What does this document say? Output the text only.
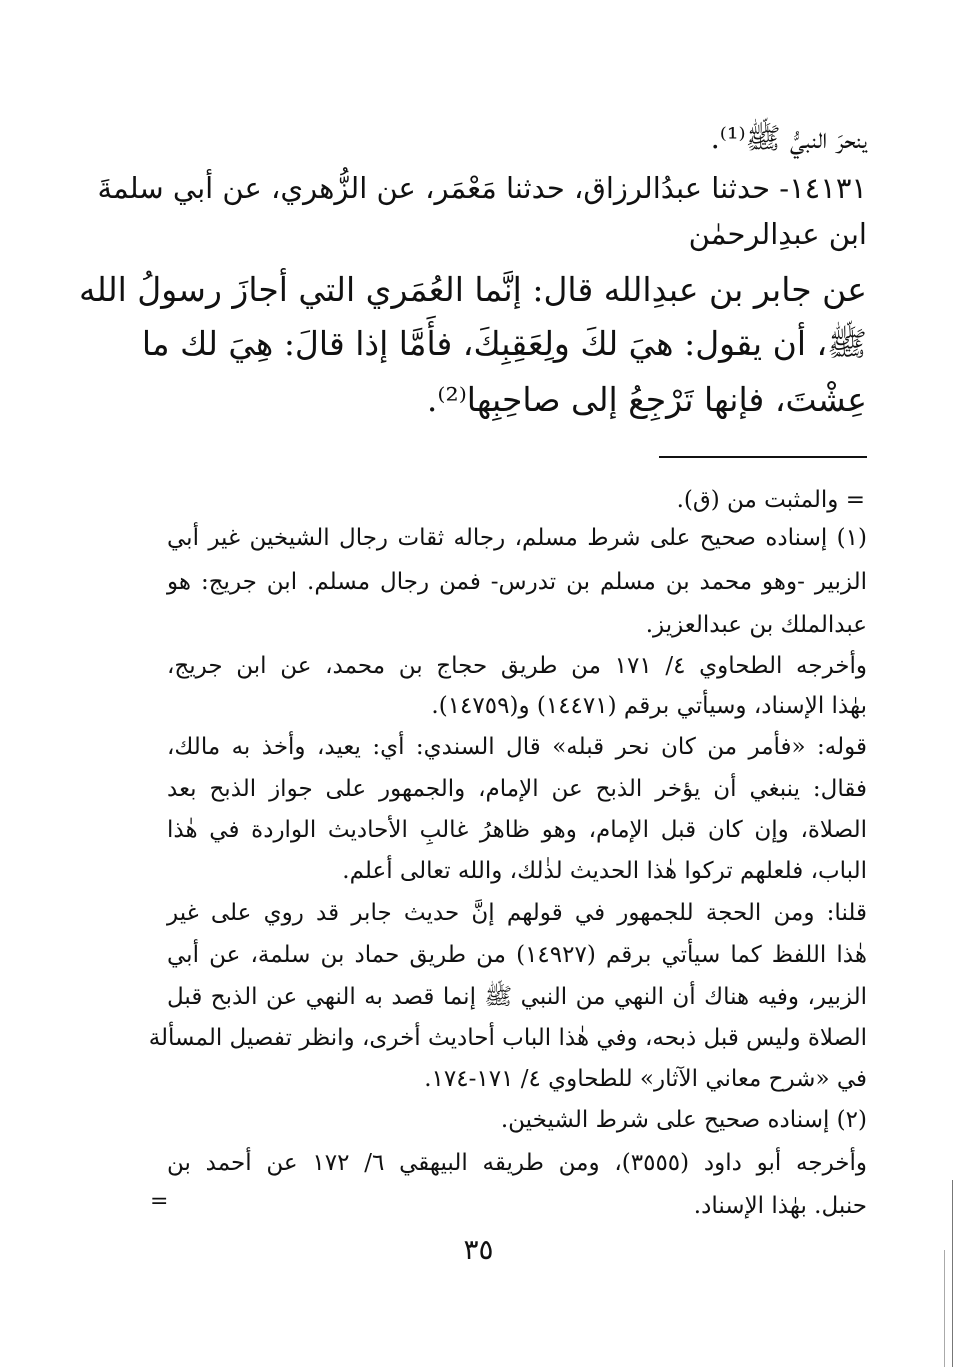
ينحرَ النبيُّ ﷺ⁽¹⁾.
١٤١٣١- حدثنا عبدُالرزاق، حدثنا مَعْمَر، عن الزُّهري، عن أبي سلمةَ
ابن عبدِالرحمٰن
عن جابر بن عبدِالله قال: إنَّما العُمَري التي أجازَ رسولُ الله
ﷺ، أن يقول: هيَ لكَ ولِعَقِبِكَ، فأَمَّا إذا قالَ: هِيَ لك ما
عِشْتَ، فإنها تَرْجِعُ إلى صاحِبِها⁽²⁾.
= والمثبت من (ق).
(١) إسناده صحيح على شرط مسلم، رجاله ثقات رجال الشيخين غير أبي
الزبير -وهو محمد بن مسلم بن تدرس- فمن رجال مسلم. ابن جريج: هو
عبدالملك بن عبدالعزيز.
وأخرجه الطحاوي ٤/ ١٧١ من طريق حجاج بن محمد، عن ابن جريج،
بهٰذا الإسناد، وسيأتي برقم (١٤٤٧١) و(١٤٧٥٩).
قوله: «فأمر من كان نحر قبله» قال السندي: أي: يعيد، وأخذ به مالك،
فقال: ينبغي أن يؤخر الذبح عن الإمام، والجمهور على جواز الذبح بعد
الصلاة، وإن كان قبل الإمام، وهو ظاهرُ غالبِ الأحاديث الواردة في هٰذا
الباب، فلعلهم تركوا هٰذا الحديث لذٰلك، والله تعالى أعلم.
قلنا: ومن الحجة للجمهور في قولهم إنَّ حديث جابر قد روي على غير
هٰذا اللفظ كما سيأتي برقم (١٤٩٢٧) من طريق حماد بن سلمة، عن أبي
الزبير، وفيه هناك أن النهي من النبي ﷺ إنما قصد به النهي عن الذبح قبل
الصلاة وليس قبل ذبحه، وفي هٰذا الباب أحاديث أخرى، وانظر تفصيل المسألة
في «شرح معاني الآثار» للطحاوي ٤/ ١٧١-١٧٤.
(٢) إسناده صحيح على شرط الشيخين.
وأخرجه أبو داود (٣٥٥٥)، ومن طريقه البيهقي ٦/ ١٧٢ عن أحمد بن
حنبل. بهٰذا الإسناد.
=
٣٥
